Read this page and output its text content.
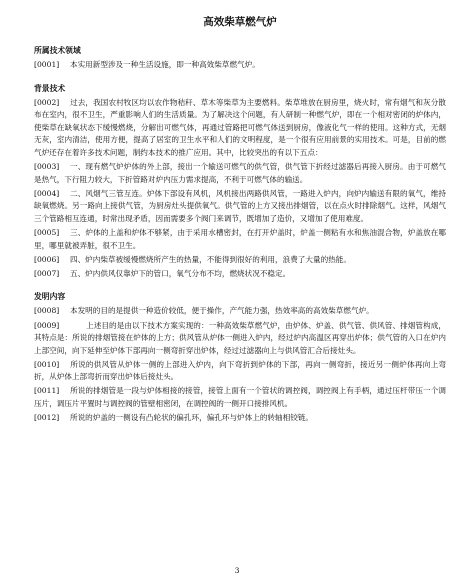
高效柴草燃气炉
所属技术领域
[0001] 本实用新型涉及一种生活设施，即一种高效柴草燃气炉。
背景技术
[0002] 过去，我国农村牧区均以农作物秸秆、草木等柴草为主要燃料。柴草堆放在厨房里，烧火时，常有烟气和灰分散布在室内，很不卫生，严重影响人们的生活质量。为了解决这个问题，有人研制一种燃气炉，即在一个相对密闭的炉体内，使柴草在缺氧状态下缓慢燃烧，分解出可燃气体，再通过管路把可燃气体送到厨房，像液化气一样的使用。这种方式，无烟无灰，室内清洁，使用方便，提高了居室的卫生水平和人们的文明程度，是一个很有应用前景的实用技术。可是，目前的燃气炉还存在着许多技术问题，制约本技术的推广应用。其中，比较突出的有以下五点：
[0003] 一、现有燃气炉炉体的外上部，接出一个输送可燃气的供气管，供气管下折经过滤器后再接入厨房。由于可燃气是热气，下行阻力较大，下折管路对炉内压力需求提高，不利于可燃气体的输送。
[0004] 二、风烟气三管互连。炉体下部设有风机，风机接出两路供风管，一路进入炉内，向炉内输送有限的氧气，维持缺氧燃烧。另一路向上接供气管，为厨房灶头提供氧气。供气管的上方又接出排烟管，以在点火时排除烟气。这样，风烟气三个管路相互连通，时常出现矛盾，因而需要多个阀门来调节，既增加了造价，又增加了使用难度。
[0005] 三、炉体的上盖和炉体不够紧，由于采用水槽密封，在打开炉盖时，炉盖一侧粘有水和焦油混合物，炉盖放在哪里，哪里就被弄脏，很不卫生。
[0006] 四、炉内柴草被缓慢燃烧所产生的热量，不能得到很好的利用，浪费了大量的热能。
[0007] 五、炉内供风仅靠炉下的管口，氧气分布不均，燃烧状况不稳定。
发明内容
[0008] 本发明的目的是提供一种造价较低，便于操作，产气能力强，热效率高的高效柴草燃气炉。
[0009]	上述目的是由以下技术方案实现的：一种高效柴草燃气炉，由炉体、炉盖、供气管、供风管、排烟管构成，其特点是：所说的排烟管接在炉体的上方；供风管从炉体一侧进入炉内，经过炉内高温区再穿出炉体；供气管的入口在炉内上部空间，向下延伸至炉体下部再向一侧弯折穿出炉体，经过过滤器向上与供风管汇合后接灶头。
[0010] 所说的供风管从炉体一侧的上部进入炉内，向下弯折到炉体的下部，再向一侧弯折，接近另一侧炉体再向上弯折，从炉体上部弯折而穿出炉体后接灶头。
[0011] 所说的排烟管是一段与炉体相接的接管，接管上面有一个管状的调控阀，调控阀上有手柄，通过压杆带压一个调压片，调压片平置时与调控阀的管壁相密闭，在调控阀的一侧开口接排风机。
[0012] 所说的炉盖的一侧设有凸轮状的偏孔环，偏孔环与炉体上的转轴相铰链。
3
